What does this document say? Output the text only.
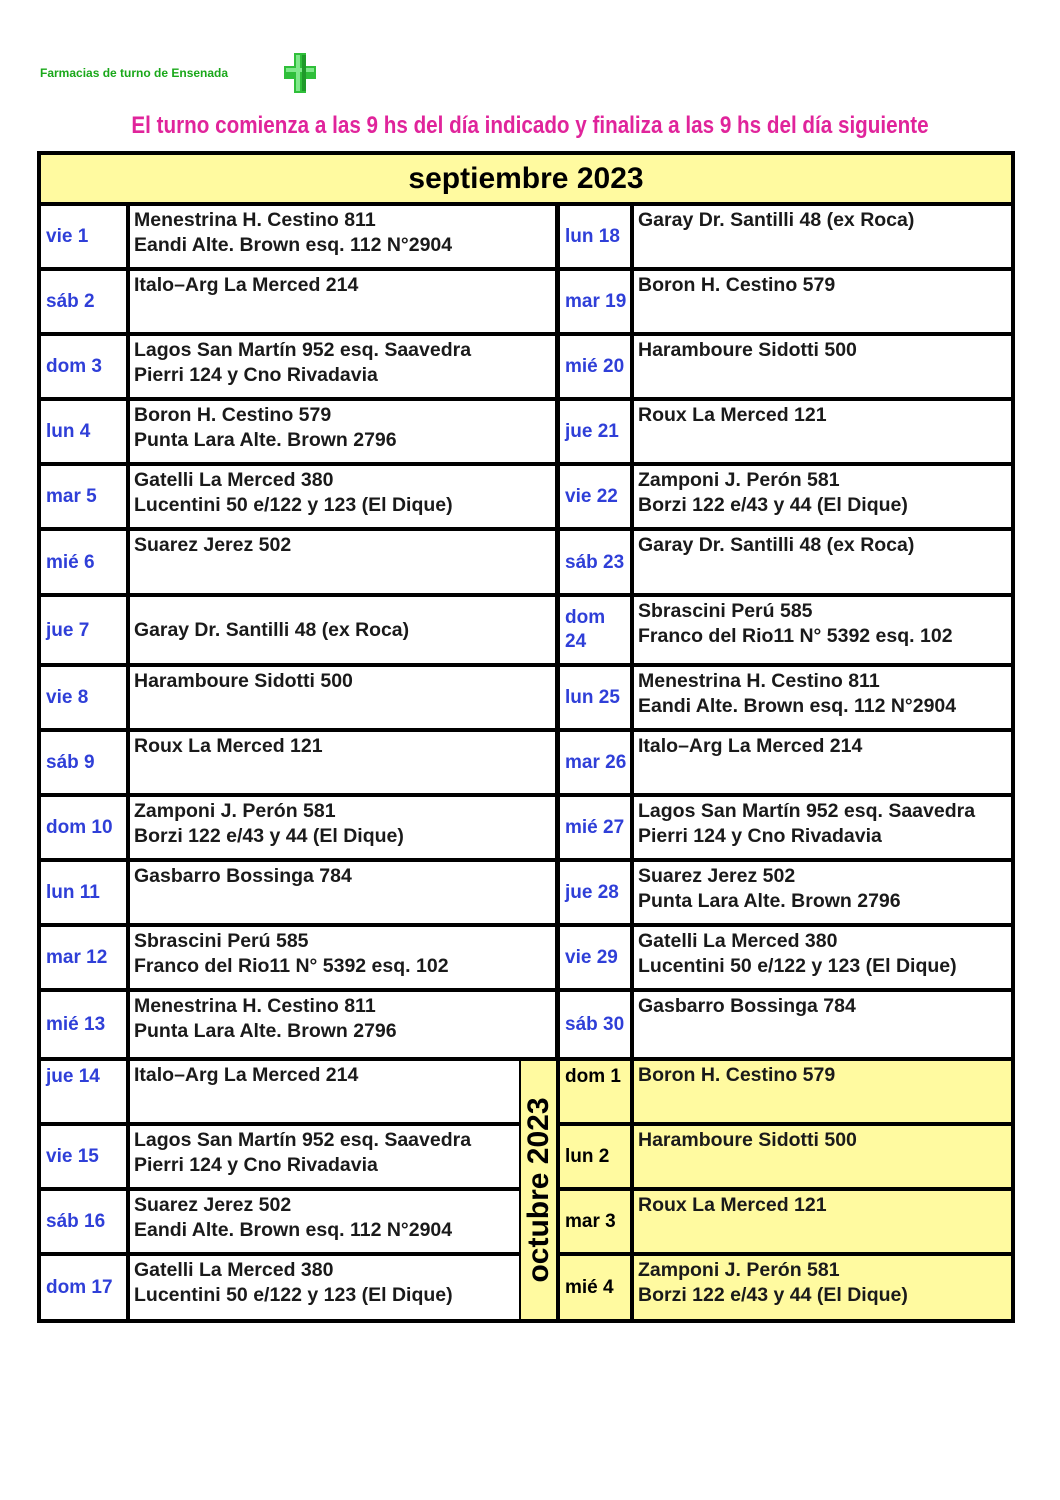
Farmacias de turno de Ensenada
El turno comienza a las 9 hs del día indicado y finaliza a las 9 hs del día siguiente
septiembre 2023
octubre 2023
vie 1
Menestrina H. Cestino 811
Eandi Alte. Brown esq. 112 N°2904
sáb 2
Italo–Arg La Merced 214
dom 3
Lagos San Martín 952 esq. Saavedra
Pierri 124 y Cno Rivadavia
lun 4
Boron H. Cestino 579
Punta Lara Alte. Brown 2796
mar 5
Gatelli La Merced 380
Lucentini 50 e/122 y 123 (El Dique)
mié 6
Suarez Jerez 502
jue 7	Garay Dr. Santilli 48 (ex Roca)
vie 8
Haramboure Sidotti 500
sáb 9
Roux La Merced 121
dom 10
Zamponi J. Perón 581
Borzi 122 e/43 y 44 (El Dique)
lun 11
Gasbarro Bossinga 784
mar 12
Sbrascini Perú 585
Franco del Rio11 N° 5392 esq. 102
mié 13
Menestrina H. Cestino 811
Punta Lara Alte. Brown 2796
jue 14	Italo–Arg La Merced 214
vie 15
Lagos San Martín 952 esq. Saavedra
Pierri 124 y Cno Rivadavia
sáb 16
Suarez Jerez 502
Eandi Alte. Brown esq. 112 N°2904
dom 17
Gatelli La Merced 380
Lucentini 50 e/122 y 123 (El Dique)
lun 18
Garay Dr. Santilli 48 (ex Roca)
mar 19
Boron H. Cestino 579
mié 20
Haramboure Sidotti 500
jue 21
Roux La Merced 121
vie 22
Zamponi J. Perón 581
Borzi 122 e/43 y 44 (El Dique)
sáb 23
Garay Dr. Santilli 48 (ex Roca)
dom 24
Sbrascini Perú 585
Franco del Rio11 N° 5392 esq. 102
lun 25
Menestrina H. Cestino 811
Eandi Alte. Brown esq. 112 N°2904
mar 26
Italo–Arg La Merced 214
mié 27
Lagos San Martín 952 esq. Saavedra
Pierri 124 y Cno Rivadavia
jue 28
Suarez Jerez 502
Punta Lara Alte. Brown 2796
vie 29
Gatelli La Merced 380
Lucentini 50 e/122 y 123 (El Dique)
sáb 30
Gasbarro Bossinga 784
dom 1 Boron H. Cestino 579
lun 2
Haramboure Sidotti 500
mar 3
Roux La Merced 121
mié 4
Zamponi J. Perón 581
Borzi 122 e/43 y 44 (El Dique)
